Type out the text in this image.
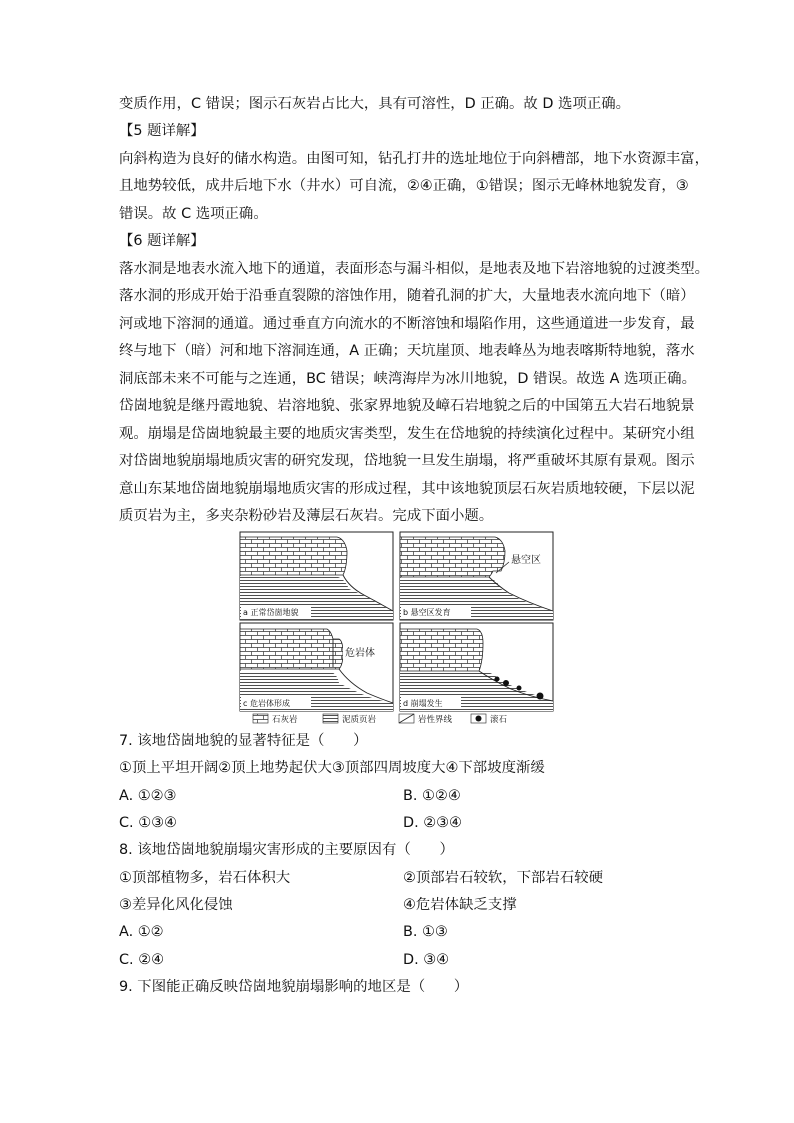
变质作用，C 错误；图示石灰岩占比大，具有可溶性，D 正确。故 D 选项正确。
【5 题详解】
向斜构造为良好的储水构造。由图可知，钻孔打井的选址地位于向斜槽部，地下水资源丰富，
且地势较低，成井后地下水（井水）可自流，②④正确，①错误；图示无峰林地貌发育，③
错误。故 C 选项正确。
【6 题详解】
落水洞是地表水流入地下的通道，表面形态与漏斗相似，是地表及地下岩溶地貌的过渡类型。
落水洞的形成开始于沿垂直裂隙的溶蚀作用，随着孔洞的扩大，大量地表水流向地下（暗）
河或地下溶洞的通道。通过垂直方向流水的不断溶蚀和塌陷作用，这些通道进一步发育，最
终与地下（暗）河和地下溶洞连通，A 正确；天坑崖顶、地表峰丛为地表喀斯特地貌，落水
洞底部未来不可能与之连通，BC 错误；峡湾海岸为冰川地貌，D 错误。故选 A 选项正确。
岱崮地貌是继丹霞地貌、岩溶地貌、张家界地貌及嶂石岩地貌之后的中国第五大岩石地貌景
观。崩塌是岱崮地貌最主要的地质灾害类型，发生在岱地貌的持续演化过程中。某研究小组
对岱崮地貌崩塌地质灾害的研究发现，岱地貌一旦发生崩塌，将严重破坏其原有景观。图示
意山东某地岱崮地貌崩塌地质灾害的形成过程，其中该地貌顶层石灰岩质地较硬，下层以泥
质页岩为主，多夹杂粉砂岩及薄层石灰岩。完成下面小题。
a 正常岱崮地貌
悬空区
b 悬空区发育
危岩体
c 危岩体形成	d 崩塌发生
石灰岩	泥质页岩	岩性界线	滚石
7. 该地岱崮地貌的显著特征是（　　）
①顶上平坦开阔②顶上地势起伏大③顶部四周坡度大④下部坡度渐缓
A. ①②③	B. ①②④
C. ①③④	D. ②③④
8. 该地岱崮地貌崩塌灾害形成的主要原因有（　　）
①顶部植物多，岩石体积大	②顶部岩石较软，下部岩石较硬
③差异化风化侵蚀	④危岩体缺乏支撑
A. ①②	B. ①③
C. ②④	D. ③④
9. 下图能正确反映岱崮地貌崩塌影响的地区是（　　）
